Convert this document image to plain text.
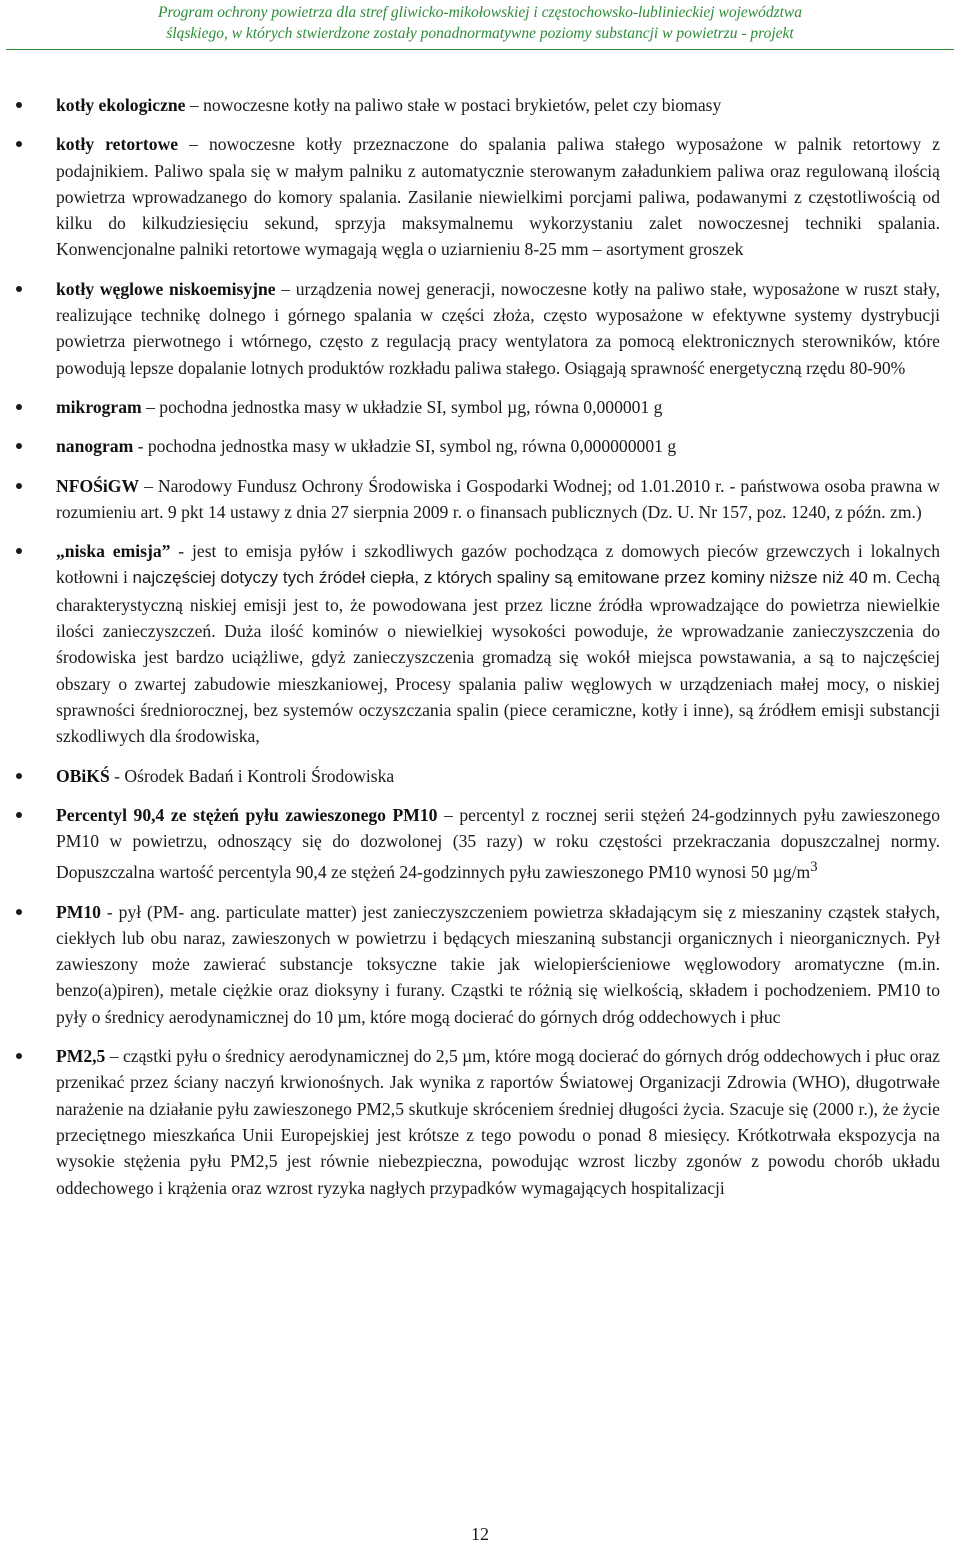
Program ochrony powietrza dla stref gliwicko-mikołowskiej i częstochowsko-lublinieckiej województwa
śląskiego, w których stwierdzone zostały ponadnormatywne poziomy substancji w powietrzu - projekt
kotły ekologiczne – nowoczesne kotły na paliwo stałe w postaci brykietów, pelet czy biomasy
kotły retortowe – nowoczesne kotły przeznaczone do spalania paliwa stałego wyposażone w palnik retortowy z podajnikiem. Paliwo spala się w małym palniku z automatycznie sterowanym załadunkiem paliwa oraz regulowaną ilością powietrza wprowadzanego do komory spalania. Zasilanie niewielkimi porcjami paliwa, podawanymi z częstotliwością od kilku do kilkudziesięciu sekund, sprzyja maksymalnemu wykorzystaniu zalet nowoczesnej techniki spalania. Konwencjonalne palniki retortowe wymagają węgla o uziarnieniu 8-25 mm – asortyment groszek
kotły węglowe niskoemisyjne – urządzenia nowej generacji, nowoczesne kotły na paliwo stałe, wyposażone w ruszt stały, realizujące technikę dolnego i górnego spalania w części złoża, często wyposażone w efektywne systemy dystrybucji powietrza pierwotnego i wtórnego, często z regulacją pracy wentylatora za pomocą elektronicznych sterowników, które powodują lepsze dopalanie lotnych produktów rozkładu paliwa stałego. Osiągają sprawność energetyczną rzędu 80-90%
mikrogram – pochodna jednostka masy w układzie SI, symbol µg, równa 0,000001 g
nanogram - pochodna jednostka masy w układzie SI, symbol ng, równa 0,000000001 g
NFOŚiGW – Narodowy Fundusz Ochrony Środowiska i Gospodarki Wodnej; od 1.01.2010 r. - państwowa osoba prawna w rozumieniu art. 9 pkt 14 ustawy z dnia 27 sierpnia 2009 r. o finansach publicznych (Dz. U. Nr 157, poz. 1240, z późn. zm.)
„niska emisja” - jest to emisja pyłów i szkodliwych gazów pochodząca z domowych pieców grzewczych i lokalnych kotłowni i najczęściej dotyczy tych źródeł ciepła, z których spaliny są emitowane przez kominy niższe niż 40 m. Cechą charakterystyczną niskiej emisji jest to, że powodowana jest przez liczne źródła wprowadzające do powietrza niewielkie ilości zanieczyszczeń. Duża ilość kominów o niewielkiej wysokości powoduje, że wprowadzanie zanieczyszczenia do środowiska jest bardzo uciążliwe, gdyż zanieczyszczenia gromadzą się wokół miejsca powstawania, a są to najczęściej obszary o zwartej zabudowie mieszkaniowej, Procesy spalania paliw węglowych w urządzeniach małej mocy, o niskiej sprawności średniorocznej, bez systemów oczyszczania spalin (piece ceramiczne, kotły i inne), są źródłem emisji substancji szkodliwych dla środowiska,
OBiKŚ - Ośrodek Badań i Kontroli Środowiska
Percentyl 90,4 ze stężeń pyłu zawieszonego PM10 – percentyl z rocznej serii stężeń 24-godzinnych pyłu zawieszonego PM10 w powietrzu, odnoszący się do dozwolonej (35 razy) w roku częstości przekraczania dopuszczalnej normy. Dopuszczalna wartość percentyla 90,4 ze stężeń 24-godzinnych pyłu zawieszonego PM10 wynosi 50 $\mu g/m^3$
PM10 - pył (PM- ang. particulate matter) jest zanieczyszczeniem powietrza składającym się z mieszaniny cząstek stałych, ciekłych lub obu naraz, zawieszonych w powietrzu i będących mieszaniną substancji organicznych i nieorganicznych. Pył zawieszony może zawierać substancje toksyczne takie jak wielopierścieniowe węglowodory aromatyczne (m.in. benzo(a)piren), metale ciężkie oraz dioksyny i furany. Cząstki te różnią się wielkością, składem i pochodzeniem. PM10 to pyły o średnicy aerodynamicznej do 10 µm, które mogą docierać do górnych dróg oddechowych i płuc
PM2,5 – cząstki pyłu o średnicy aerodynamicznej do 2,5 µm, które mogą docierać do górnych dróg oddechowych i płuc oraz przenikać przez ściany naczyń krwionośnych. Jak wynika z raportów Światowej Organizacji Zdrowia (WHO), długotrwałe narażenie na działanie pyłu zawieszonego PM2,5 skutkuje skróceniem średniej długości życia. Szacuje się (2000 r.), że życie przeciętnego mieszkańca Unii Europejskiej jest krótsze z tego powodu o ponad 8 miesięcy. Krótkotrwała ekspozycja na wysokie stężenia pyłu PM2,5 jest równie niebezpieczna, powodując wzrost liczby zgonów z powodu chorób układu oddechowego i krążenia oraz wzrost ryzyka nagłych przypadków wymagających hospitalizacji
12
